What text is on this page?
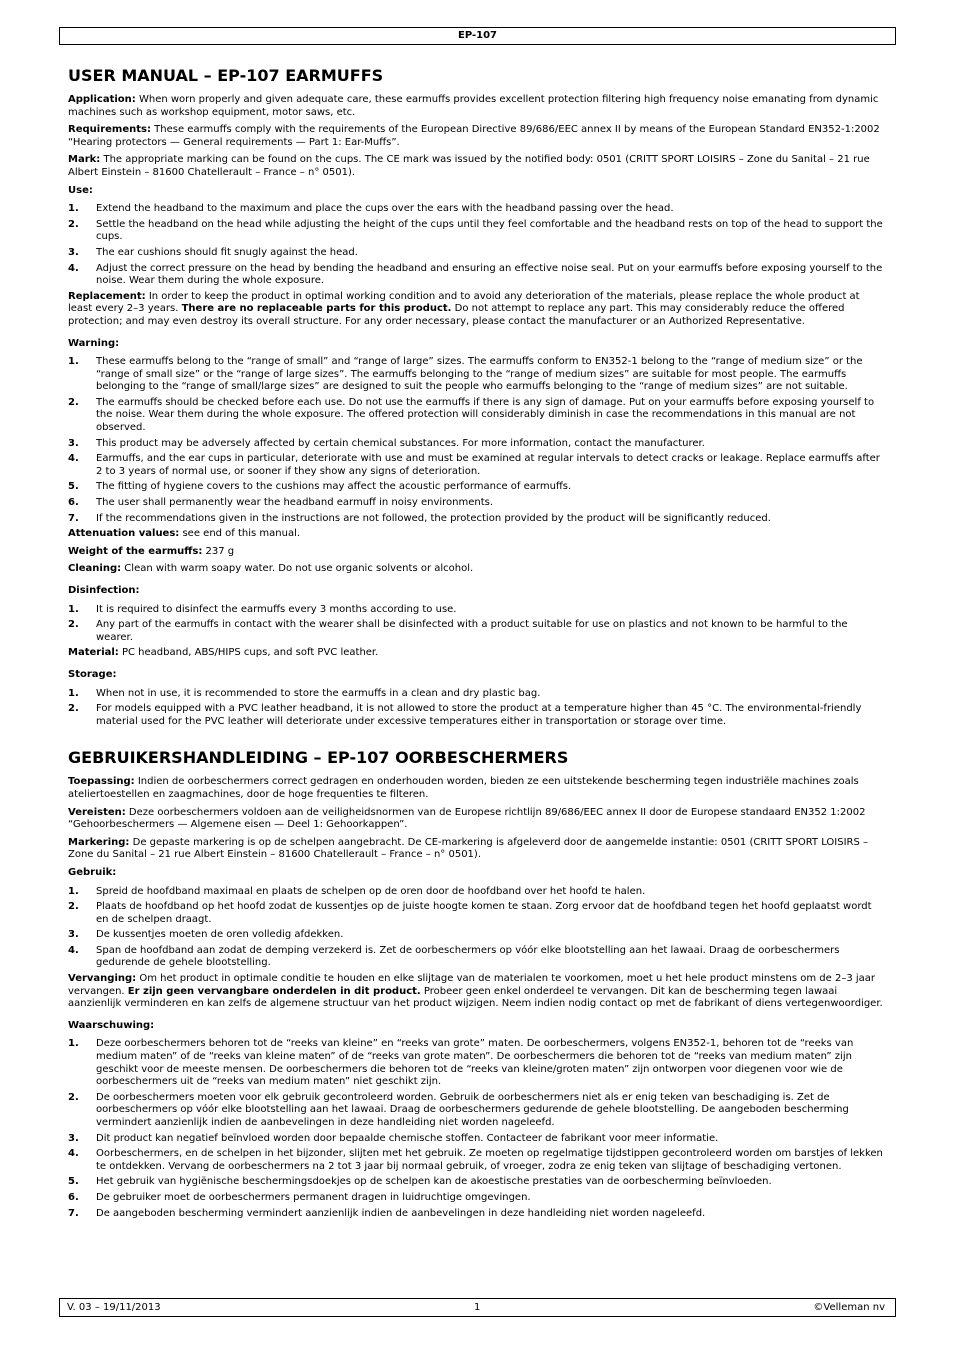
EP-107
USER MANUAL – EP-107 EARMUFFS

Application: When worn properly and given adequate care, these earmuffs provides excellent protection filtering high frequency noise emanating from dynamic machines such as workshop equipment, motor saws, etc.

Requirements: These earmuffs comply with the requirements of the European Directive 89/686/EEC annex II by means of the European Standard EN352-1:2002 “Hearing protectors — General requirements — Part 1: Ear-Muffs”.

Mark: The appropriate marking can be found on the cups. The CE mark was issued by the notified body: 0501 (CRITT SPORT LOISIRS – Zone du Sanital – 21 rue Albert Einstein – 81600 Chatellerault – France – n° 0501).

Use:
1. Extend the headband to the maximum and place the cups over the ears with the headband passing over the head.
2. Settle the headband on the head while adjusting the height of the cups until they feel comfortable and the headband rests on top of the head to support the cups.
3. The ear cushions should fit snugly against the head.
4. Adjust the correct pressure on the head by bending the headband and ensuring an effective noise seal. Put on your earmuffs before exposing yourself to the noise. Wear them during the whole exposure.

Replacement: In order to keep the product in optimal working condition and to avoid any deterioration of the materials, please replace the whole product at least every 2–3 years. There are no replaceable parts for this product. Do not attempt to replace any part. This may considerably reduce the offered protection; and may even destroy its overall structure. For any order necessary, please contact the manufacturer or an Authorized Representative.

Warning:
1. These earmuffs belong to the “range of small” and “range of large” sizes. The earmuffs conform to EN352-1 belong to the “range of medium size” or the “range of small size” or the “range of large sizes”. The earmuffs belonging to the “range of medium sizes” are suitable for most people. The earmuffs belonging to the “range of small/large sizes” are designed to suit the people who earmuffs belonging to the “range of medium sizes” are not suitable.
2. The earmuffs should be checked before each use. Do not use the earmuffs if there is any sign of damage. Put on your earmuffs before exposing yourself to the noise. Wear them during the whole exposure. The offered protection will considerably diminish in case the recommendations in this manual are not observed.
3. This product may be adversely affected by certain chemical substances. For more information, contact the manufacturer.
4. Earmuffs, and the ear cups in particular, deteriorate with use and must be examined at regular intervals to detect cracks or leakage. Replace earmuffs after 2 to 3 years of normal use, or sooner if they show any signs of deterioration.
5. The fitting of hygiene covers to the cushions may affect the acoustic performance of earmuffs.
6. The user shall permanently wear the headband earmuff in noisy environments.
7. If the recommendations given in the instructions are not followed, the protection provided by the product will be significantly reduced.

Attenuation values: see end of this manual.

Weight of the earmuffs: 237 g

Cleaning: Clean with warm soapy water. Do not use organic solvents or alcohol.

Disinfection:
1. It is required to disinfect the earmuffs every 3 months according to use.
2. Any part of the earmuffs in contact with the wearer shall be disinfected with a product suitable for use on plastics and not known to be harmful to the wearer.

Material: PC headband, ABS/HIPS cups, and soft PVC leather.

Storage:
1. When not in use, it is recommended to store the earmuffs in a clean and dry plastic bag.
2. For models equipped with a PVC leather headband, it is not allowed to store the product at a temperature higher than 45 °C. The environmental-friendly material used for the PVC leather will deteriorate under excessive temperatures either in transportation or storage over time.
GEBRUIKERSHANDLEIDING – EP-107 OORBESCHERMERS

Toepassing: Indien de oorbeschermers correct gedragen en onderhouden worden, bieden ze een uitstekende bescherming tegen industriële machines zoals ateliertoestellen en zaagmachines, door de hoge frequenties te filteren.

Vereisten: Deze oorbeschermers voldoen aan de veiligheidsnormen van de Europese richtlijn 89/686/EEC annex II door de Europese standaard EN352 1:2002 “Gehoorbeschermers — Algemene eisen — Deel 1: Gehoorkappen”.

Markering: De gepaste markering is op de schelpen aangebracht. De CE-markering is afgeleverd door de aangemelde instantie: 0501 (CRITT SPORT LOISIRS – Zone du Sanital – 21 rue Albert Einstein – 81600 Chatellerault – France – n° 0501).

Gebruik:
1. Spreid de hoofdband maximaal en plaats de schelpen op de oren door de hoofdband over het hoofd te halen.
2. Plaats de hoofdband op het hoofd zodat de kussentjes op de juiste hoogte komen te staan. Zorg ervoor dat de hoofdband tegen het hoofd geplaatst wordt en de schelpen draagt.
3. De kussentjes moeten de oren volledig afdekken.
4. Span de hoofdband aan zodat de demping verzekerd is. Zet de oorbeschermers op vóór elke blootstelling aan het lawaai. Draag de oorbeschermers gedurende de gehele blootstelling.

Vervanging: Om het product in optimale conditie te houden en elke slijtage van de materialen te voorkomen, moet u het hele product minstens om de 2–3 jaar vervangen. Er zijn geen vervangbare onderdelen in dit product. Probeer geen enkel onderdeel te vervangen. Dit kan de bescherming tegen lawaai aanzienlijk verminderen en kan zelfs de algemene structuur van het product wijzigen. Neem indien nodig contact op met de fabrikant of diens vertegenwoordiger.

Waarschuwing:
1. Deze oorbeschermers behoren tot de “reeks van kleine” en “reeks van grote” maten. De oorbeschermers, volgens EN352-1, behoren tot de “reeks van medium maten” of de “reeks van kleine maten” of de “reeks van grote maten”. De oorbeschermers die behoren tot de “reeks van medium maten” zijn geschikt voor de meeste mensen. De oorbeschermers die behoren tot de “reeks van kleine/groten maten” zijn ontworpen voor diegenen voor wie de oorbeschermers uit de “reeks van medium maten” niet geschikt zijn.
2. De oorbeschermers moeten voor elk gebruik gecontroleerd worden. Gebruik de oorbeschermers niet als er enig teken van beschadiging is. Zet de oorbeschermers op vóór elke blootstelling aan het lawaai. Draag de oorbeschermers gedurende de gehele blootstelling. De aangeboden bescherming vermindert aanzienlijk indien de aanbevelingen in deze handleiding niet worden nageleefd.
3. Dit product kan negatief beïnvloed worden door bepaalde chemische stoffen. Contacteer de fabrikant voor meer informatie.
4. Oorbeschermers, en de schelpen in het bijzonder, slijten met het gebruik. Ze moeten op regelmatige tijdstippen gecontroleerd worden om barstjes of lekken te ontdekken. Vervang de oorbeschermers na 2 tot 3 jaar bij normaal gebruik, of vroeger, zodra ze enig teken van slijtage of beschadiging vertonen.
5. Het gebruik van hygiënische beschermingsdoekjes op de schelpen kan de akoestische prestaties van de oorbescherming beïnvloeden.
6. De gebruiker moet de oorbeschermers permanent dragen in luidruchtige omgevingen.
7. De aangeboden bescherming vermindert aanzienlijk indien de aanbevelingen in deze handleiding niet worden nageleefd.
V. 03 – 19/11/2013	1	©Velleman nv
